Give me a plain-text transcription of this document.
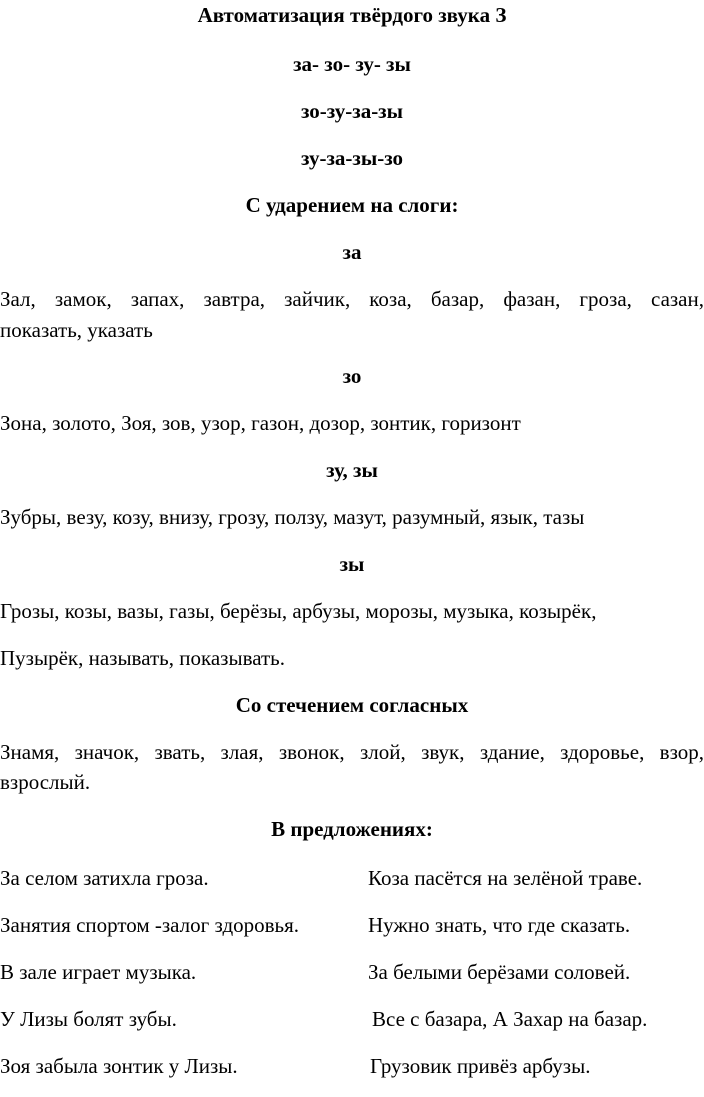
Автоматизация твёрдого звука З
за- зо- зу- зы
зо-зу-за-зы
зу-за-зы-зо
С ударением на слоги:
за
Зал, замок, запах, завтра, зайчик, коза, базар, фазан, гроза, сазан,
показать, указать
зо
Зона, золото, Зоя, зов, узор, газон, дозор, зонтик, горизонт
зу, зы
Зубры, везу, козу, внизу, грозу, ползу, мазут, разумный, язык, тазы
зы
Грозы, козы, вазы, газы, берёзы, арбузы, морозы, музыка, козырёк,
Пузырёк, называть, показывать.
Со стечением согласных
Знамя, значок, звать, злая, звонок, злой, звук, здание, здоровье, взор,
взрослый.
В предложениях:
За селом затихла гроза.	Коза пасётся на зелёной траве.
Занятия спортом -залог здоровья.	Нужно знать, что где сказать.
В зале играет музыка.	За белыми берёзами соловей.
У Лизы болят зубы.	Все с базара, А Захар на базар.
Зоя забыла зонтик у Лизы.	Грузовик привёз арбузы.
